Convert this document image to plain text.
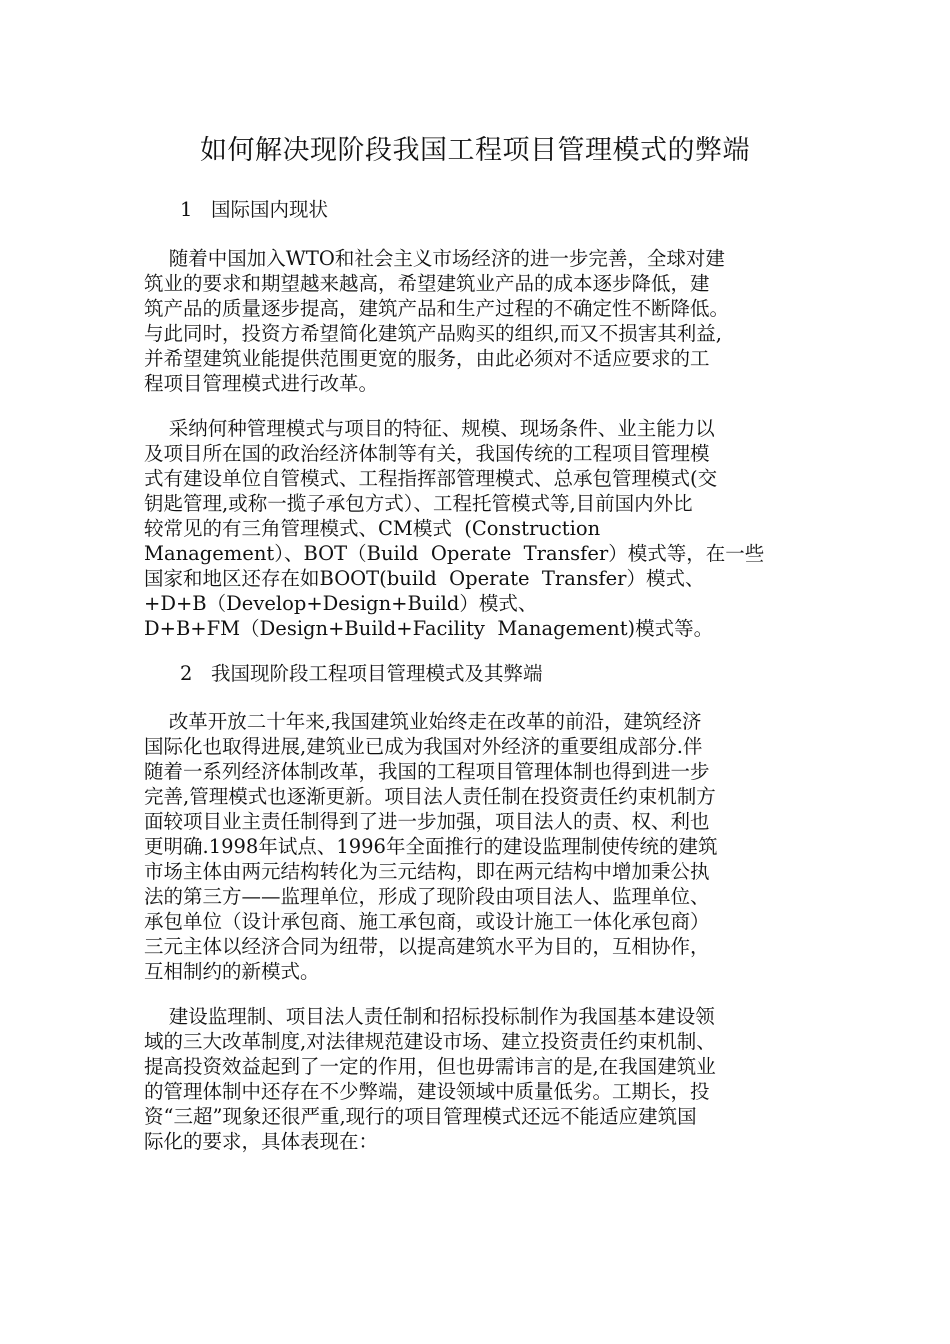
如何解决现阶段我国工程项目管理模式的弊端
1   国际国内现状

随着中国加入WTO和社会主义市场经济的进一步完善，全球对建
筑业的要求和期望越来越高，希望建筑业产品的成本逐步降低，建
筑产品的质量逐步提高，建筑产品和生产过程的不确定性不断降低。
与此同时，投资方希望简化建筑产品购买的组织,而又不损害其利益,
并希望建筑业能提供范围更宽的服务，由此必须对不适应要求的工
程项目管理模式进行改革。

采纳何种管理模式与项目的特征、规模、现场条件、业主能力以
及项目所在国的政治经济体制等有关，我国传统的工程项目管理模
式有建设单位自管模式、工程指挥部管理模式、总承包管理模式(交
钥匙管理,或称一揽子承包方式）、工程托管模式等,目前国内外比
较常见的有三角管理模式、CM模式  (Construction
Management）、BOT（Build  Operate  Transfer）模式等，在一些
国家和地区还存在如BOOT(build  Operate  Transfer）模式、
+D+B（Develop+Design+Build）模式、
D+B+FM（Design+Build+Facility  Management)模式等。

2   我国现阶段工程项目管理模式及其弊端

改革开放二十年来,我国建筑业始终走在改革的前沿，建筑经济
国际化也取得进展,建筑业已成为我国对外经济的重要组成部分.伴
随着一系列经济体制改革，我国的工程项目管理体制也得到进一步
完善,管理模式也逐渐更新。项目法人责任制在投资责任约束机制方
面较项目业主责任制得到了进一步加强，项目法人的责、权、利也
更明确.1998年试点、1996年全面推行的建设监理制使传统的建筑
市场主体由两元结构转化为三元结构，即在两元结构中增加秉公执
法的第三方——监理单位，形成了现阶段由项目法人、监理单位、
承包单位（设计承包商、施工承包商，或设计施工一体化承包商）
三元主体以经济合同为纽带，以提高建筑水平为目的，互相协作，
互相制约的新模式。

建设监理制、项目法人责任制和招标投标制作为我国基本建设领
域的三大改革制度,对法律规范建设市场、建立投资责任约束机制、
提高投资效益起到了一定的作用，但也毋需讳言的是,在我国建筑业
的管理体制中还存在不少弊端，建设领域中质量低劣。工期长，投
资“三超”现象还很严重,现行的项目管理模式还远不能适应建筑国
际化的要求，具体表现在：
